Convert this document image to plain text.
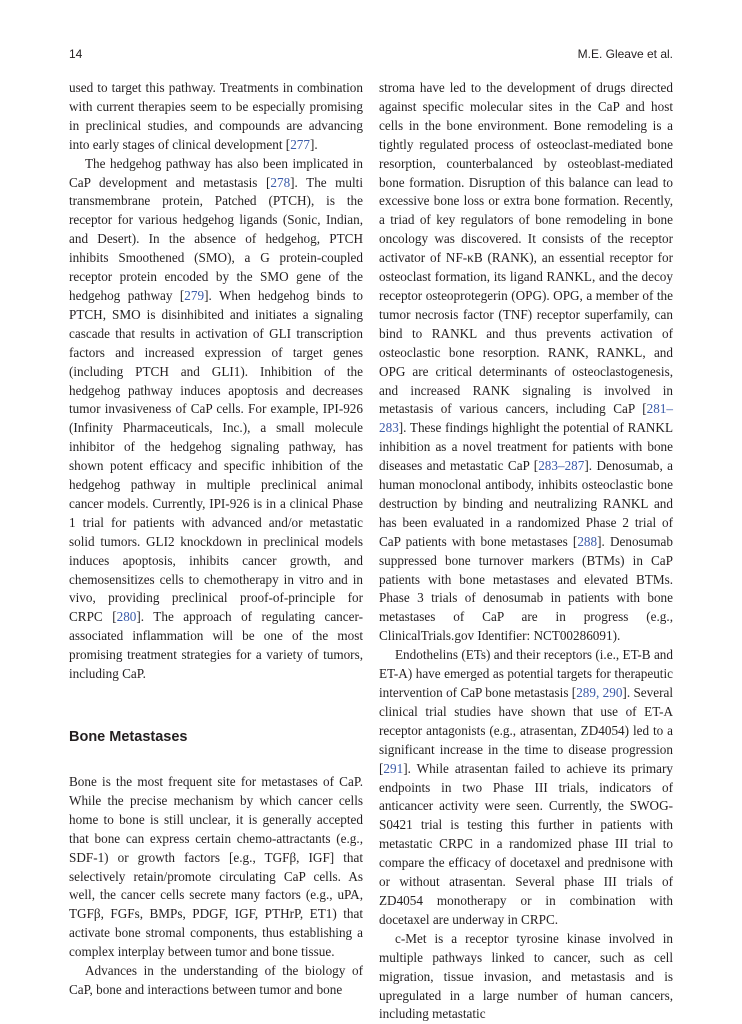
14	M.E. Gleave et al.

used to target this pathway. Treatments in combination with current therapies seem to be especially promising in preclinical studies, and compounds are advancing into early stages of clinical development [277].

The hedgehog pathway has also been implicated in CaP development and metastasis [278]. The multi transmembrane protein, Patched (PTCH), is the receptor for various hedgehog ligands (Sonic, Indian, and Desert). In the absence of hedgehog, PTCH inhibits Smoothened (SMO), a G protein-coupled receptor protein encoded by the SMO gene of the hedgehog pathway [279]. When hedgehog binds to PTCH, SMO is disinhibited and initiates a signaling cascade that results in activation of GLI transcription factors and increased expression of target genes (including PTCH and GLI1). Inhibition of the hedgehog pathway induces apoptosis and decreases tumor invasiveness of CaP cells. For example, IPI-926 (Infinity Pharmaceuticals, Inc.), a small molecule inhibitor of the hedgehog signaling pathway, has shown potent efficacy and specific inhibition of the hedgehog pathway in multiple preclinical animal cancer models. Currently, IPI-926 is in a clinical Phase 1 trial for patients with advanced and/or metastatic solid tumors. GLI2 knockdown in preclinical models induces apoptosis, inhibits cancer growth, and chemosensitizes cells to chemotherapy in vitro and in vivo, providing preclinical proof-of-principle for CRPC [280]. The approach of regulating cancer-associated inflammation will be one of the most promising treatment strategies for a variety of tumors, including CaP.

Bone Metastases

Bone is the most frequent site for metastases of CaP. While the precise mechanism by which cancer cells home to bone is still unclear, it is generally accepted that bone can express certain chemo-attractants (e.g., SDF-1) or growth factors [e.g., TGFβ, IGF] that selectively retain/promote circulating CaP cells. As well, the cancer cells secrete many factors (e.g., uPA, TGFβ, FGFs, BMPs, PDGF, IGF, PTHrP, ET1) that activate bone stromal components, thus establishing a complex interplay between tumor and bone tissue.

Advances in the understanding of the biology of CaP, bone and interactions between tumor and bone

stroma have led to the development of drugs directed against specific molecular sites in the CaP and host cells in the bone environment. Bone remodeling is a tightly regulated process of osteoclast-mediated bone resorption, counterbalanced by osteoblast-mediated bone formation. Disruption of this balance can lead to excessive bone loss or extra bone formation. Recently, a triad of key regulators of bone remodeling in bone oncology was discovered. It consists of the receptor activator of NF-κB (RANK), an essential receptor for osteoclast formation, its ligand RANKL, and the decoy receptor osteoprotegerin (OPG). OPG, a member of the tumor necrosis factor (TNF) receptor superfamily, can bind to RANKL and thus prevents activation of osteoclastic bone resorption. RANK, RANKL, and OPG are critical determinants of osteoclastogenesis, and increased RANK signaling is involved in metastasis of various cancers, including CaP [281–283]. These findings highlight the potential of RANKL inhibition as a novel treatment for patients with bone diseases and metastatic CaP [283–287]. Denosumab, a human monoclonal antibody, inhibits osteoclastic bone destruction by binding and neutralizing RANKL and has been evaluated in a randomized Phase 2 trial of CaP patients with bone metastases [288]. Denosumab suppressed bone turnover markers (BTMs) in CaP patients with bone metastases and elevated BTMs. Phase 3 trials of denosumab in patients with bone metastases of CaP are in progress (e.g., ClinicalTrials.gov Identifier: NCT00286091).

Endothelins (ETs) and their receptors (i.e., ET-B and ET-A) have emerged as potential targets for therapeutic intervention of CaP bone metastasis [289, 290]. Several clinical trial studies have shown that use of ET-A receptor antagonists (e.g., atrasentan, ZD4054) led to a significant increase in the time to disease progression [291]. While atrasentan failed to achieve its primary endpoints in two Phase III trials, indicators of anticancer activity were seen. Currently, the SWOG-S0421 trial is testing this further in patients with metastatic CRPC in a randomized phase III trial to compare the efficacy of docetaxel and prednisone with or without atrasentan. Several phase III trials of ZD4054 monotherapy or in combination with docetaxel are underway in CRPC.

c-Met is a receptor tyrosine kinase involved in multiple pathways linked to cancer, such as cell migration, tissue invasion, and metastasis and is upregulated in a large number of human cancers, including metastatic
